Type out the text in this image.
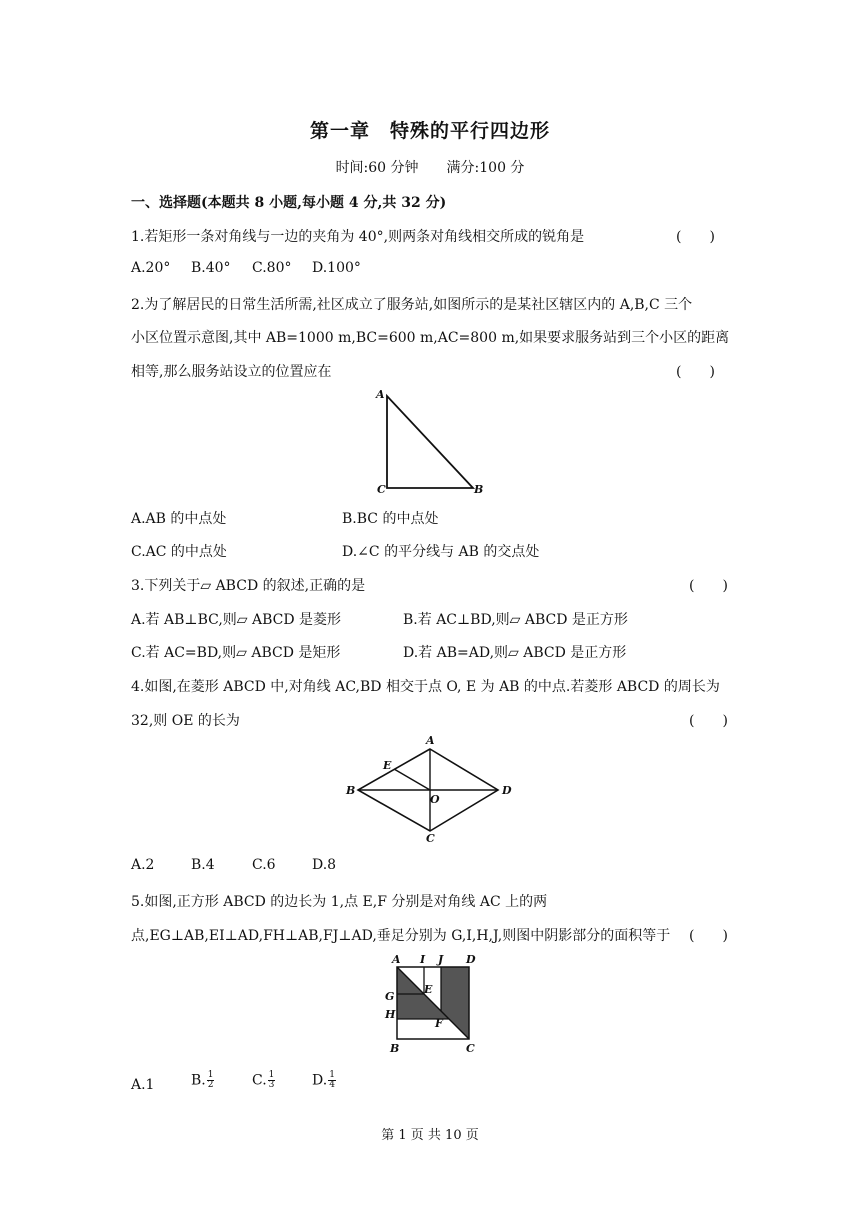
第一章　特殊的平行四边形
时间:60 分钟　　满分:100 分
一、选择题(本题共 8 小题,每小题 4 分,共 32 分)
1.若矩形一条对角线与一边的夹角为 40°,则两条对角线相交所成的锐角是	(　　)
A.20° B.40° C.80° D.100°
2.为了解居民的日常生活所需,社区成立了服务站,如图所示的是某社区辖区内的 A,B,C 三个
小区位置示意图,其中 AB=1000 m,BC=600 m,AC=800 m,如果要求服务站到三个小区的距离
相等,那么服务站设立的位置应在	(　　)
A
B
C
A.AB 的中点处	B.BC 的中点处
C.AC 的中点处	D.∠C 的平分线与 AB 的交点处
3.下列关于▱ ABCD 的叙述,正确的是	(　　)
A.若 AB⊥BC,则▱ ABCD 是菱形	B.若 AC⊥BD,则▱ ABCD 是正方形
C.若 AC=BD,则▱ ABCD 是矩形	D.若 AB=AD,则▱ ABCD 是正方形
4.如图,在菱形 ABCD 中,对角线 AC,BD 相交于点 O, E 为 AB 的中点.若菱形 ABCD 的周长为
32,则 OE 的长为	(　　)
A
B
C
D
E
O
A.2	B.4	C.6	D.8
5.如图,正方形 ABCD 的边长为 1,点 E,F 分别是对角线 AC 上的两
点,EG⊥AB,EI⊥AD,FH⊥AB,FJ⊥AD,垂足分别为 G,I,H,J,则图中阴影部分的面积等于 (　　)
A I J D
G
E
H
F
B	C
A.1	B. $\frac{1}{2}$	C. $\frac{1}{3}$	D. $\frac{1}{4}$
第 1 页 共 10 页
